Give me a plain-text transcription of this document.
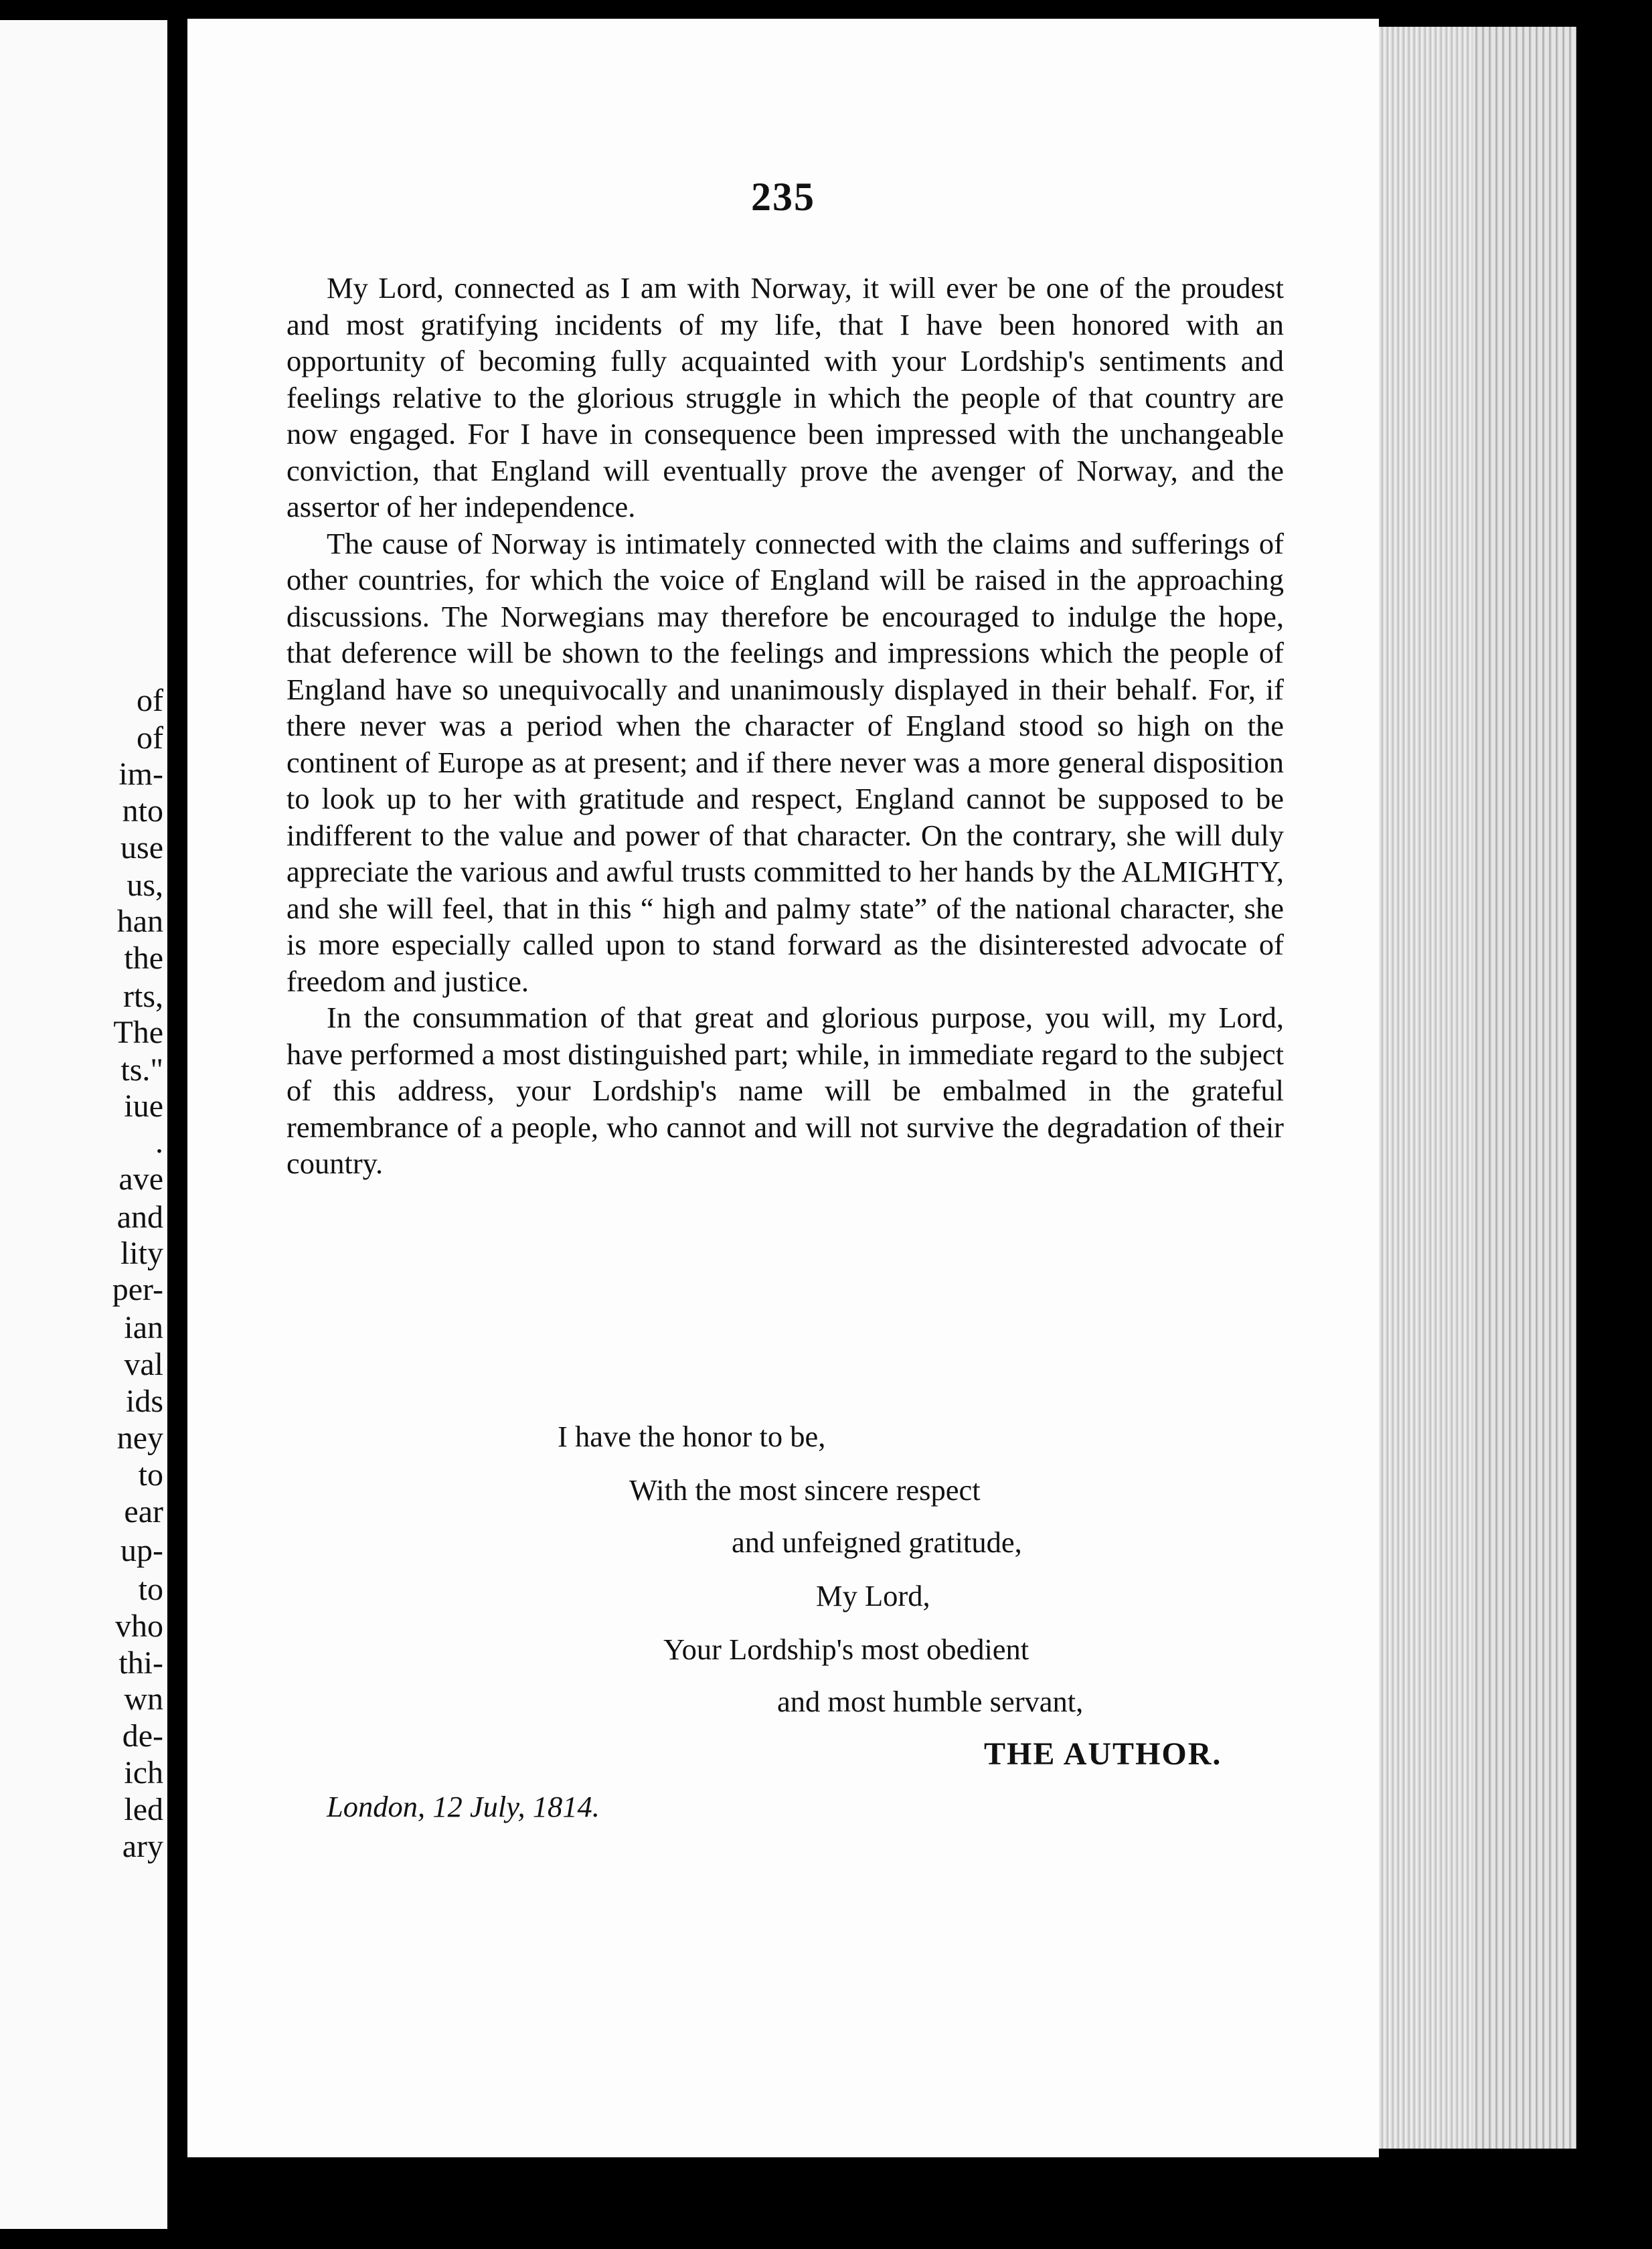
of
of
im-
nto
use
us,
han
the
rts,
The
ts."
iue
.
ave
and
lity
per-
ian
val
ids
ney
to
ear
up-
to
vho
thi-
wn
de-
ich
led
ary
235

My Lord, connected as I am with Norway, it will ever be one of the proudest and most gratifying incidents of my life, that I have been honored with an opportunity of becoming fully acquainted with your Lordship's sentiments and feelings relative to the glorious struggle in which the people of that country are now engaged. For I have in consequence been impressed with the unchangeable conviction, that England will eventually prove the avenger of Norway, and the assertor of her independence.

The cause of Norway is intimately connected with the claims and sufferings of other countries, for which the voice of England will be raised in the approaching discussions. The Norwegians may therefore be encouraged to indulge the hope, that deference will be shown to the feelings and impressions which the people of England have so unequivocally and unanimously displayed in their behalf. For, if there never was a period when the character of England stood so high on the continent of Europe as at present; and if there never was a more general disposition to look up to her with gratitude and respect, England cannot be supposed to be indifferent to the value and power of that character. On the contrary, she will duly appreciate the various and awful trusts committed to her hands by the ALMIGHTY, and she will feel, that in this “ high and palmy state” of the national character, she is more especially called upon to stand forward as the disinterested advocate of freedom and justice.

In the consummation of that great and glorious purpose, you will, my Lord, have performed a most distinguished part; while, in immediate regard to the subject of this address, your Lordship's name will be embalmed in the grateful remembrance of a people, who cannot and will not survive the degradation of their country.

I have the honor to be,
With the most sincere respect
and unfeigned gratitude,
My Lord,
Your Lordship's most obedient
and most humble servant,
THE AUTHOR.
London, 12 July, 1814.
